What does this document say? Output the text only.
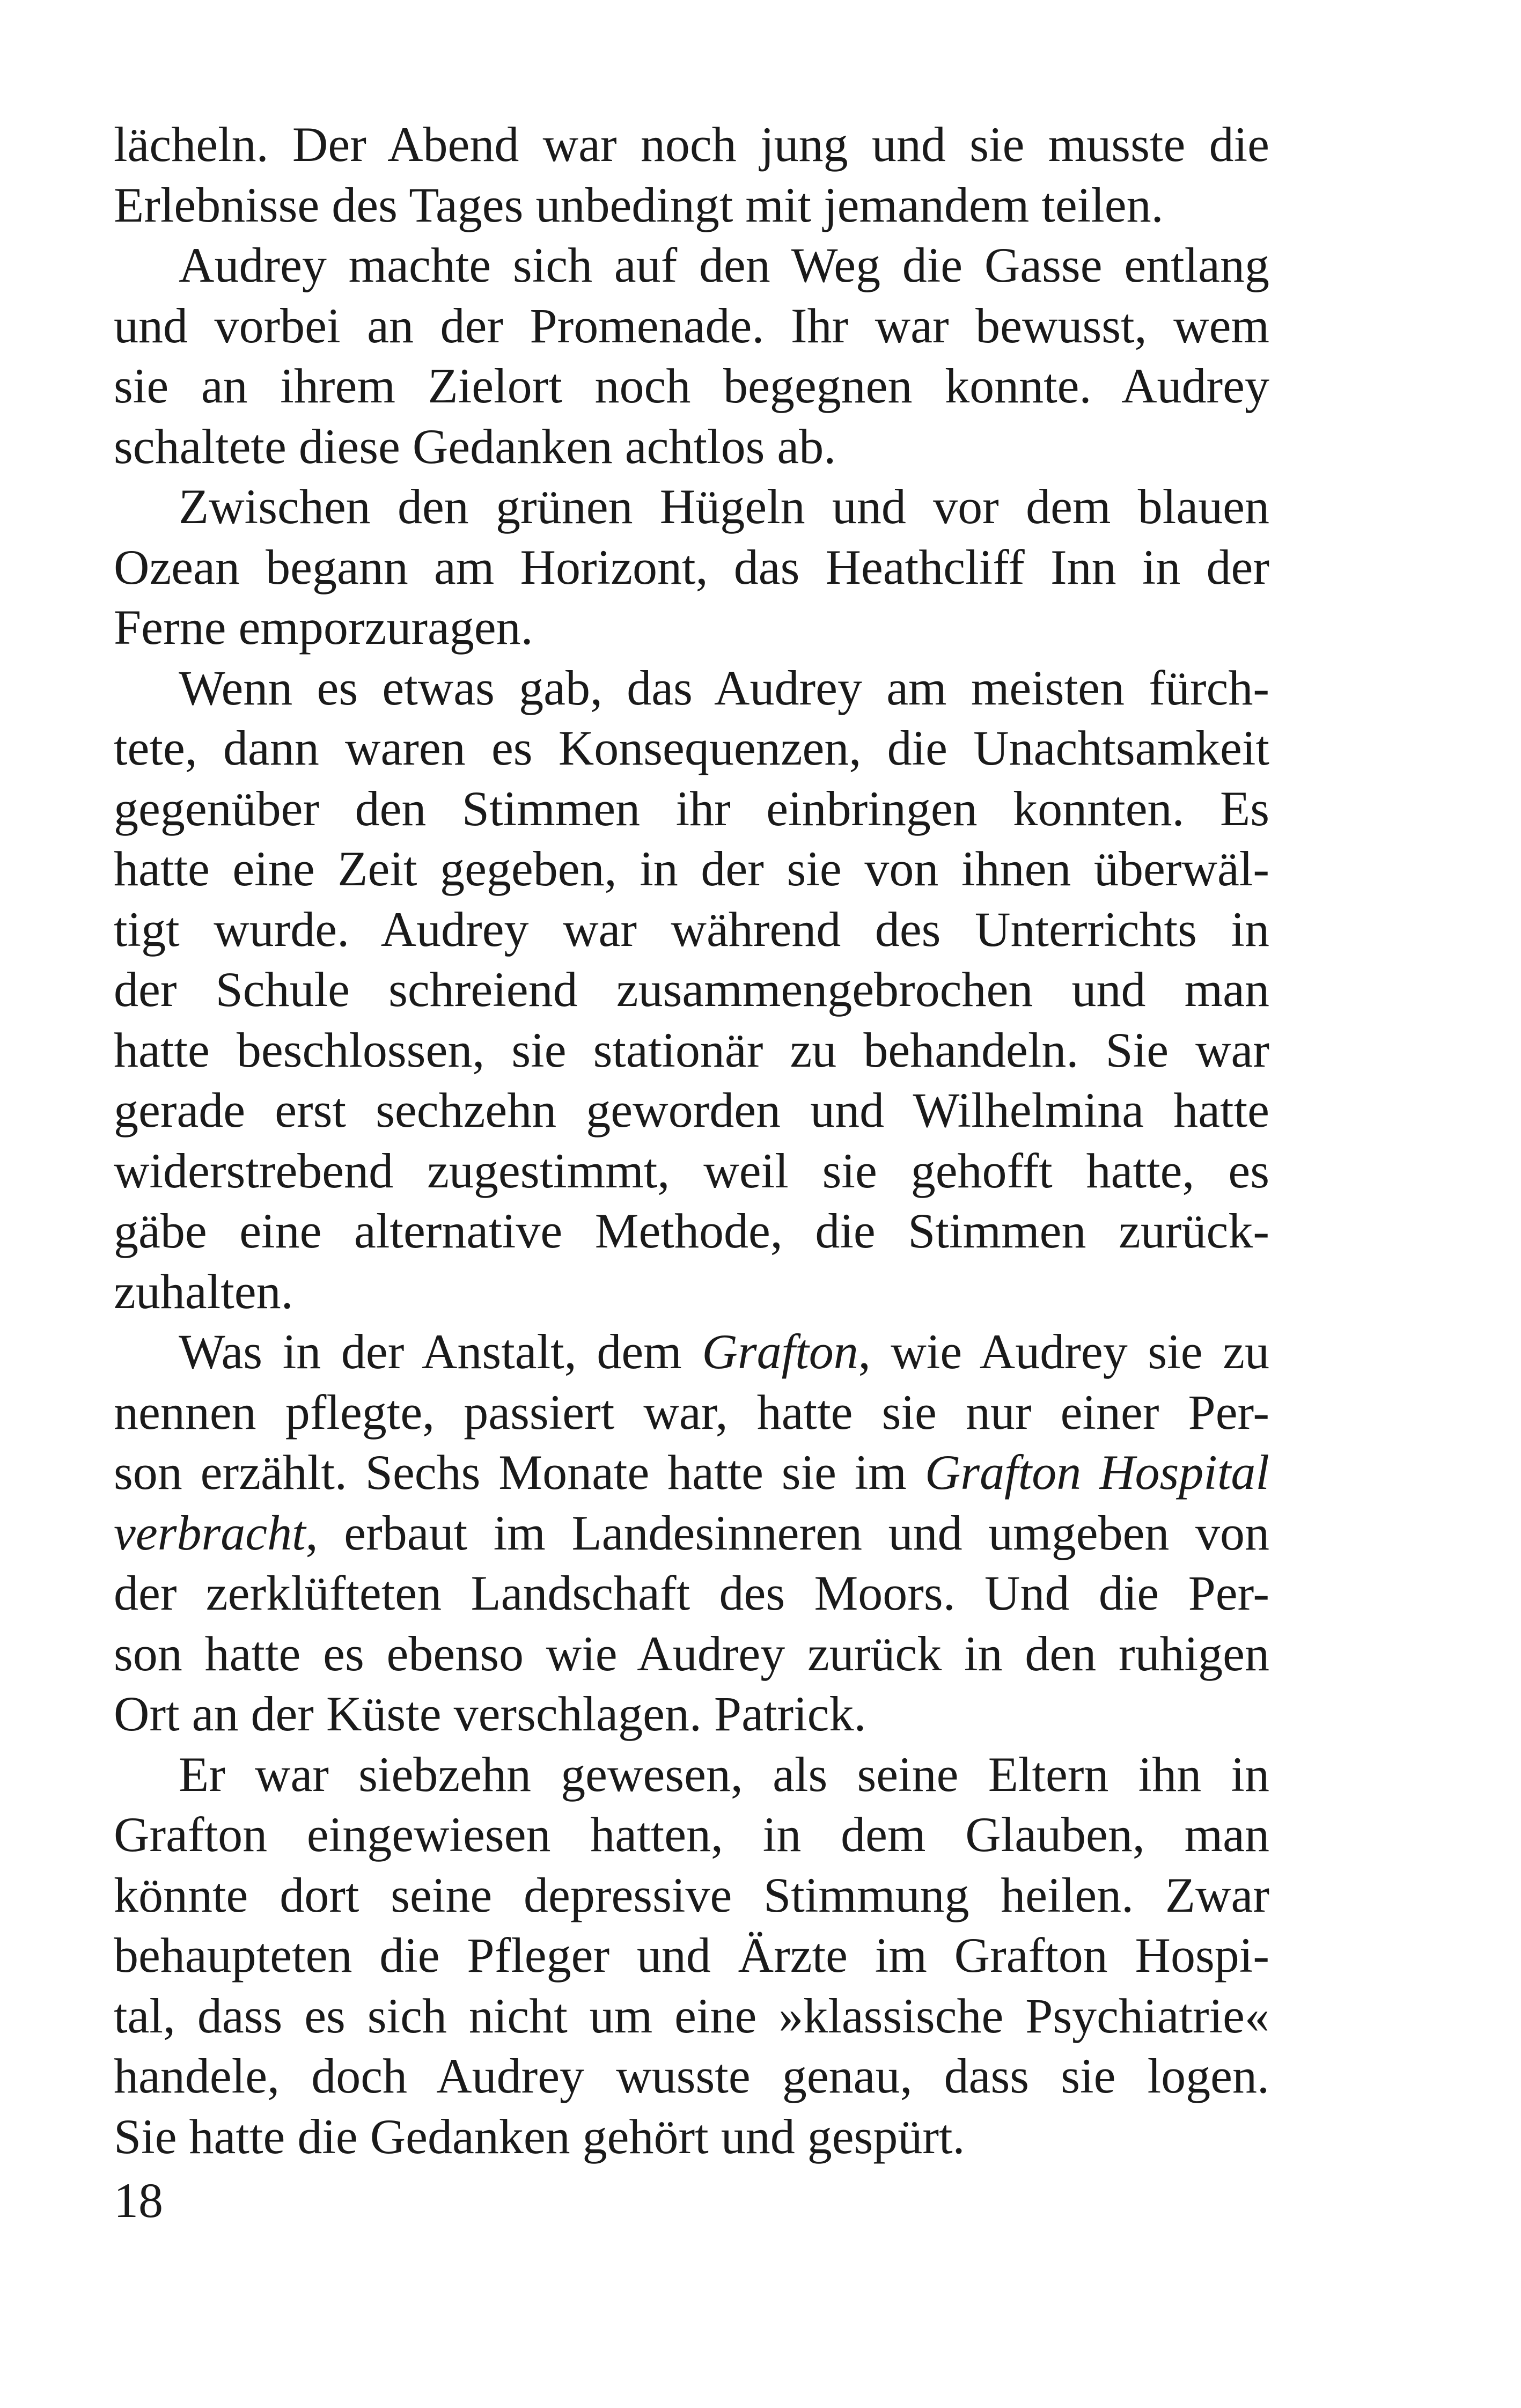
lächeln. Der Abend war noch jung und sie musste die
Erlebnisse des Tages unbedingt mit jemandem teilen.
Audrey machte sich auf den Weg die Gasse entlang
und vorbei an der Promenade. Ihr war bewusst, wem
sie an ihrem Zielort noch begegnen konnte. Audrey
schaltete diese Gedanken achtlos ab.
Zwischen den grünen Hügeln und vor dem blauen
Ozean begann am Horizont, das Heathcliff Inn in der
Ferne emporzuragen.
Wenn es etwas gab, das Audrey am meisten fürch-
tete, dann waren es Konsequenzen, die Unachtsamkeit
gegenüber den Stimmen ihr einbringen konnten. Es
hatte eine Zeit gegeben, in der sie von ihnen überwäl-
tigt wurde. Audrey war während des Unterrichts in
der Schule schreiend zusammengebrochen und man
hatte beschlossen, sie stationär zu behandeln. Sie war
gerade erst sechzehn geworden und Wilhelmina hatte
widerstrebend zugestimmt, weil sie gehofft hatte, es
gäbe eine alternative Methode, die Stimmen zurück-
zuhalten.
Was in der Anstalt, dem Grafton, wie Audrey sie zu
nennen pflegte, passiert war, hatte sie nur einer Per-
son erzählt. Sechs Monate hatte sie im Grafton Hospital
verbracht, erbaut im Landesinneren und umgeben von
der zerklüfteten Landschaft des Moors. Und die Per-
son hatte es ebenso wie Audrey zurück in den ruhigen
Ort an der Küste verschlagen. Patrick.
Er war siebzehn gewesen, als seine Eltern ihn in
Grafton eingewiesen hatten, in dem Glauben, man
könnte dort seine depressive Stimmung heilen. Zwar
behaupteten die Pfleger und Ärzte im Grafton Hospi-
tal, dass es sich nicht um eine »klassische Psychiatrie«
handele, doch Audrey wusste genau, dass sie logen.
Sie hatte die Gedanken gehört und gespürt.
18
